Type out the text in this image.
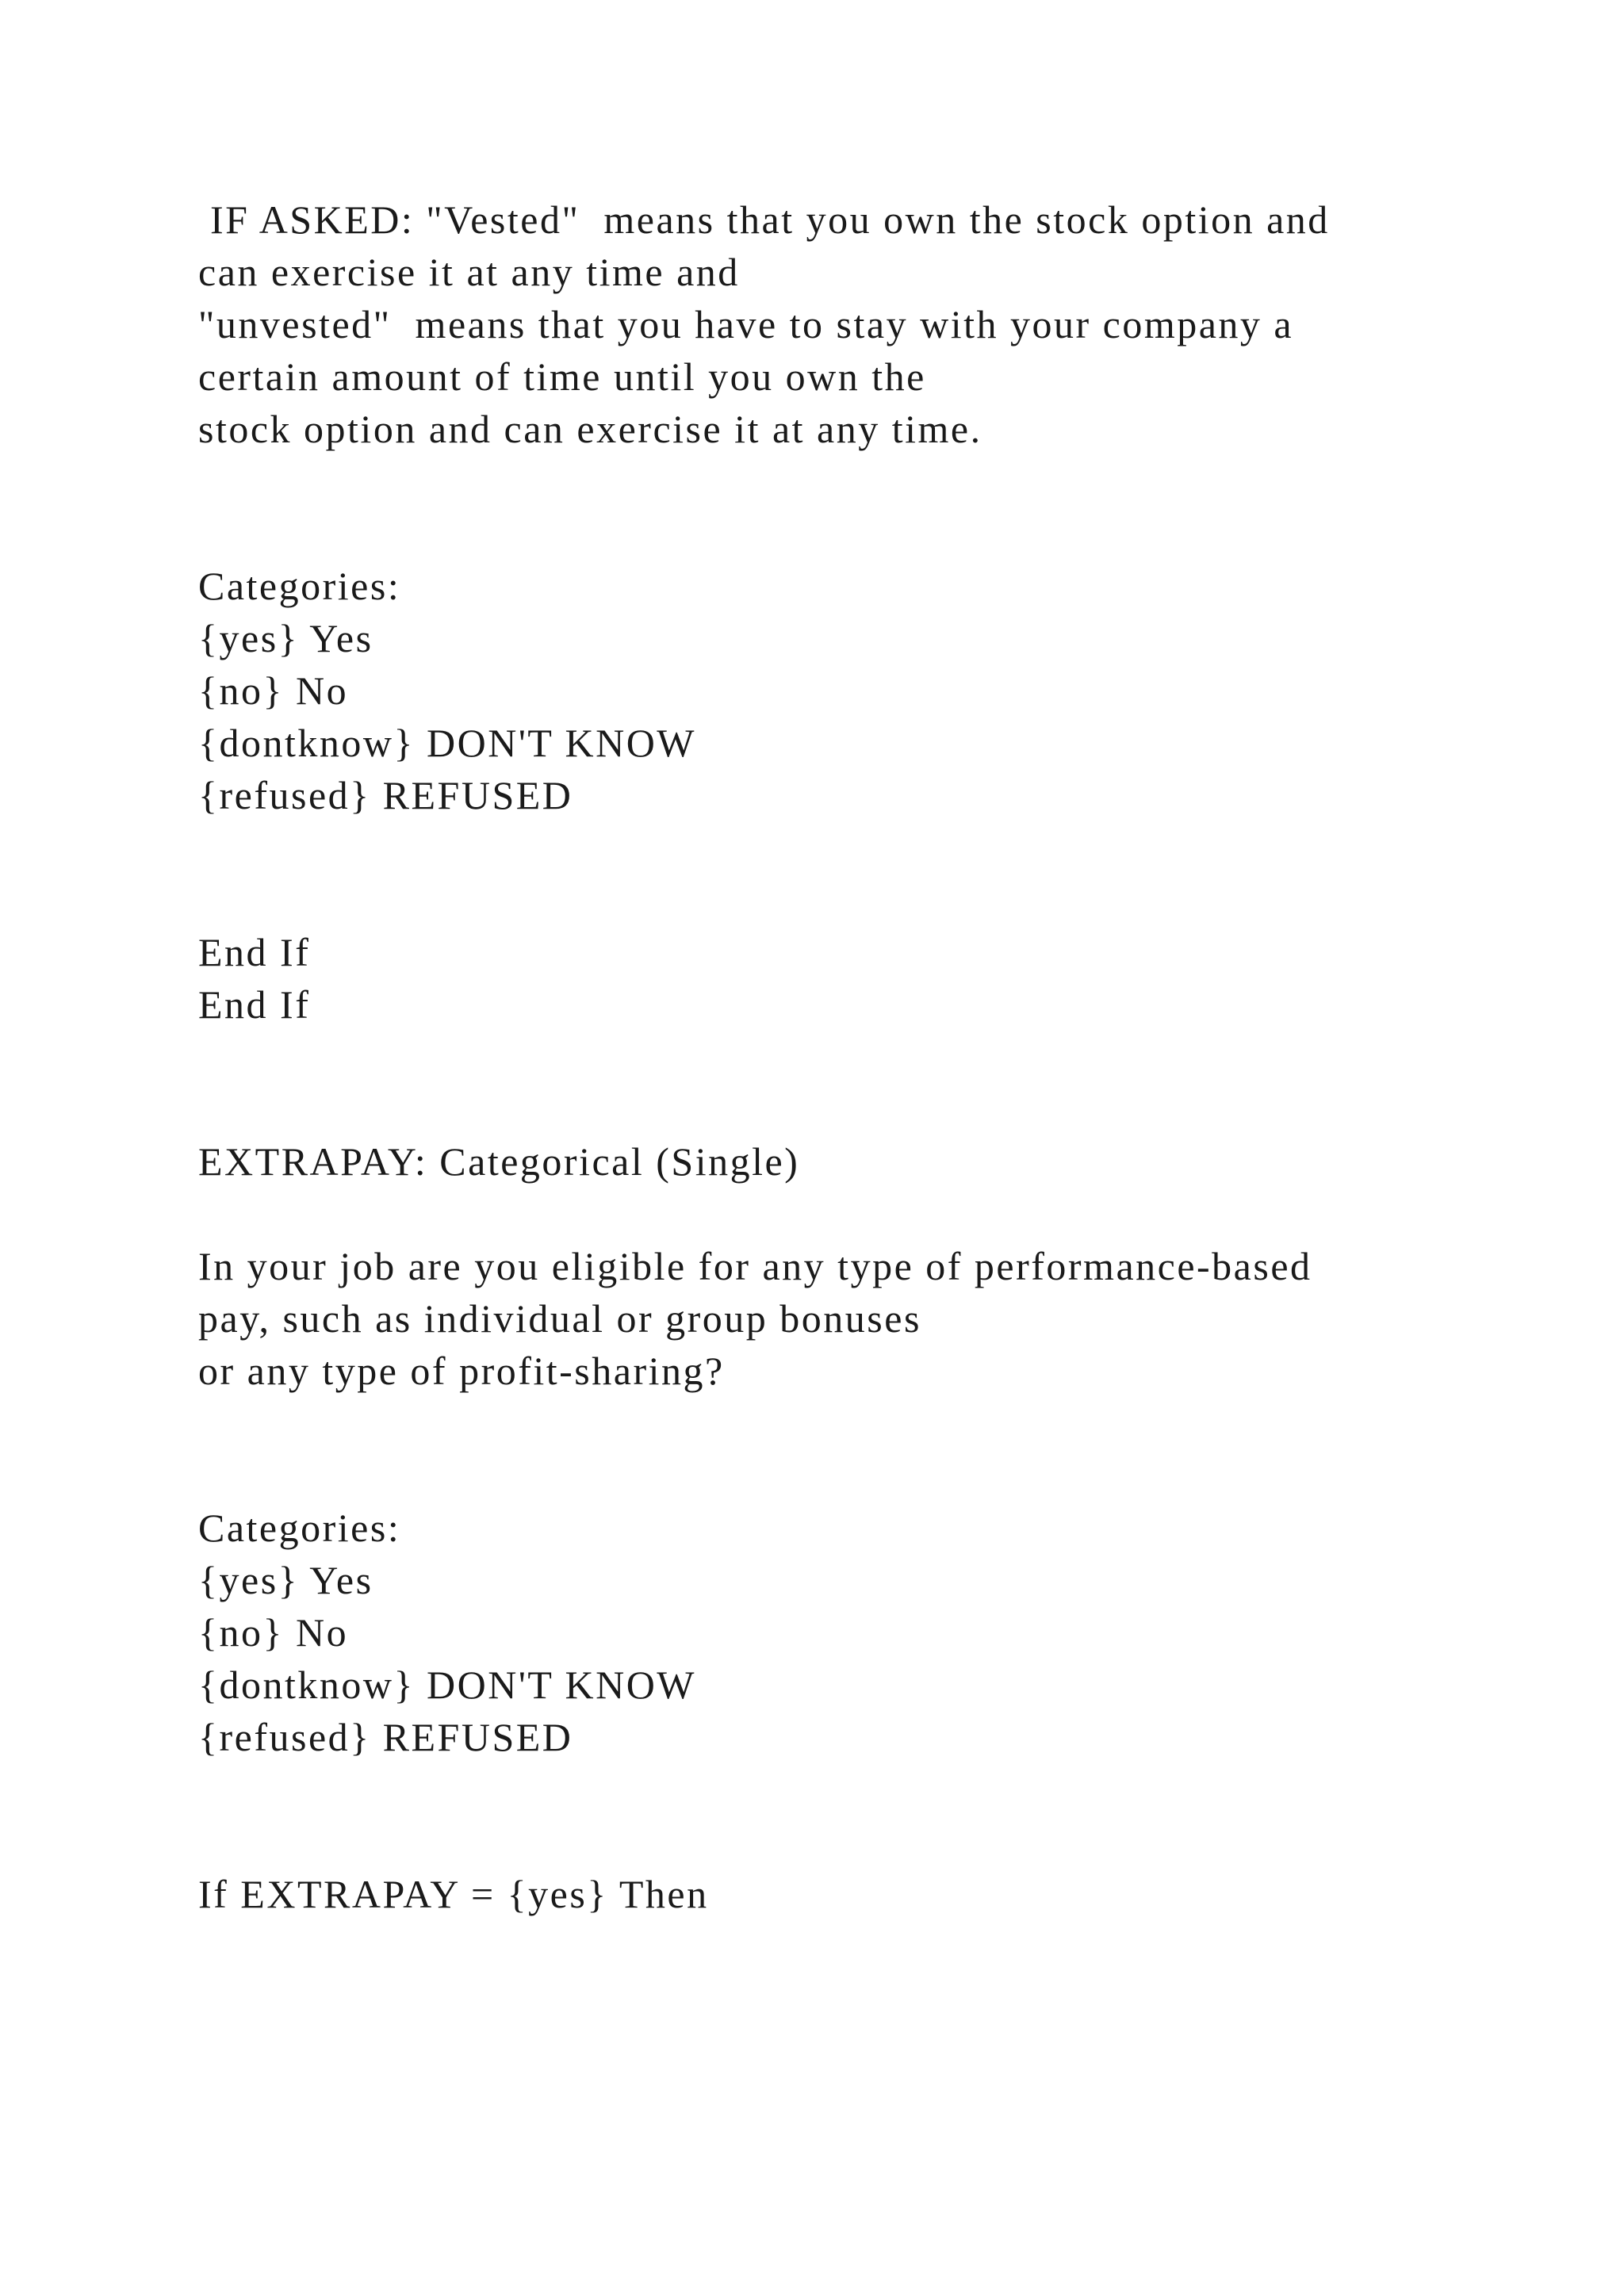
IF ASKED: "Vested"  means that you own the stock option and
can exercise it at any time and
"unvested"  means that you have to stay with your company a
certain amount of time until you own the
stock option and can exercise it at any time.
Categories:
{yes} Yes
{no} No
{dontknow} DON'T KNOW
{refused} REFUSED
End If
End If
EXTRAPAY: Categorical (Single)
In your job are you eligible for any type of performance-based
pay, such as individual or group bonuses
or any type of profit-sharing?
Categories:
{yes} Yes
{no} No
{dontknow} DON'T KNOW
{refused} REFUSED
If EXTRAPAY = {yes} Then
